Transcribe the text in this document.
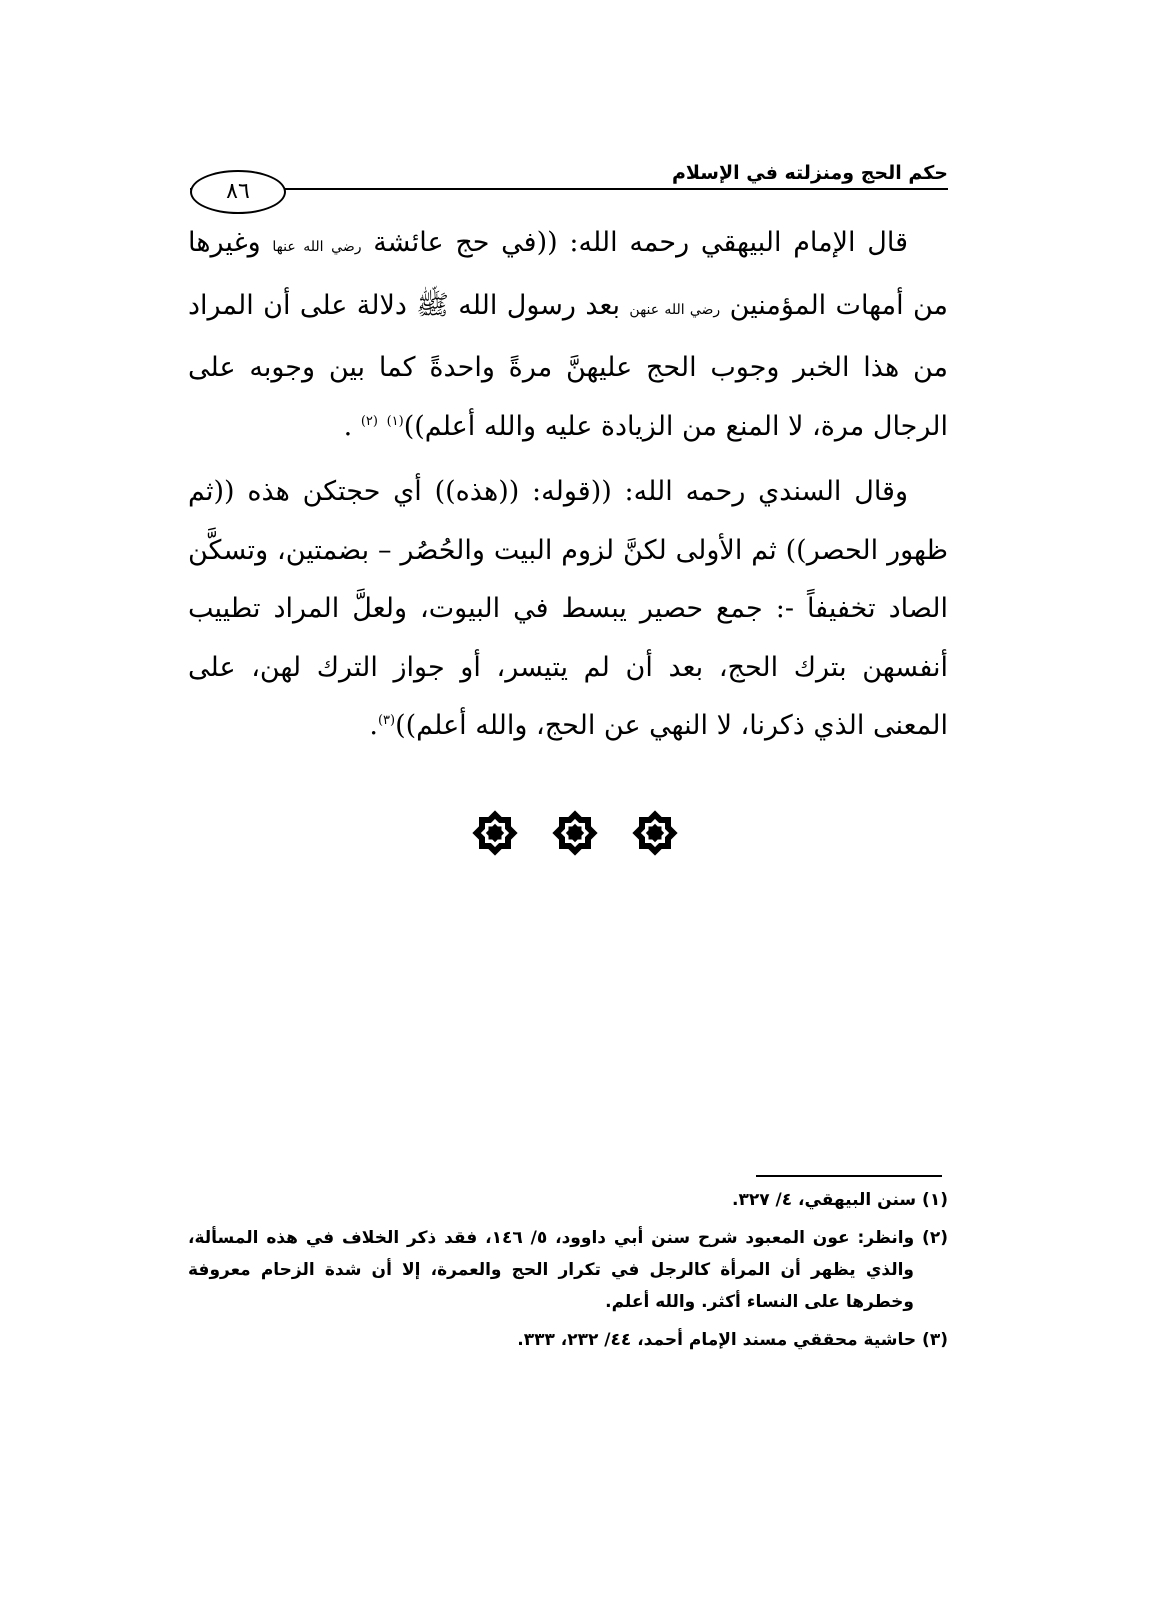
حكم الحج ومنزلته في الإسلام
٨٦

قال الإمام البيهقي رحمه الله: ((في حج عائشة رضي الله عنها وغيرها من أمهات المؤمنين رضي الله عنهن بعد رسول الله ﷺ دلالة على أن المراد من هذا الخبر وجوب الحج عليهنَّ مرةً واحدةً كما بين وجوبه على الرجال مرة، لا المنع من الزيادة عليه والله أعلم))$^{(١)}$ $^{(٢)}$ .

وقال السندي رحمه الله: ((قوله: ((هذه)) أي حجتكن هذه ((ثم ظهور الحصر)) ثم الأولى لكنَّ لزوم البيت والحُصُر – بضمتين، وتسكَّن الصاد تخفيفاً -: جمع حصير يبسط في البيوت، ولعلَّ المراد تطييب أنفسهن بترك الحج، بعد أن لم يتيسر، أو جواز الترك لهن، على المعنى الذي ذكرنا، لا النهي عن الحج، والله أعلم))$^{(٣)}$.

(١) سنن البيهقي، ٤/ ٣٢٧.

(٢) وانظر: عون المعبود شرح سنن أبي داوود، ٥/ ١٤٦، فقد ذكر الخلاف في هذه المسألة، والذي يظهر أن المرأة كالرجل في تكرار الحج والعمرة، إلا أن شدة الزحام معروفة وخطرها على النساء أكثر. والله أعلم.

(٣) حاشية محققي مسند الإمام أحمد، ٤٤/ ٢٣٢، ٣٣٣.
